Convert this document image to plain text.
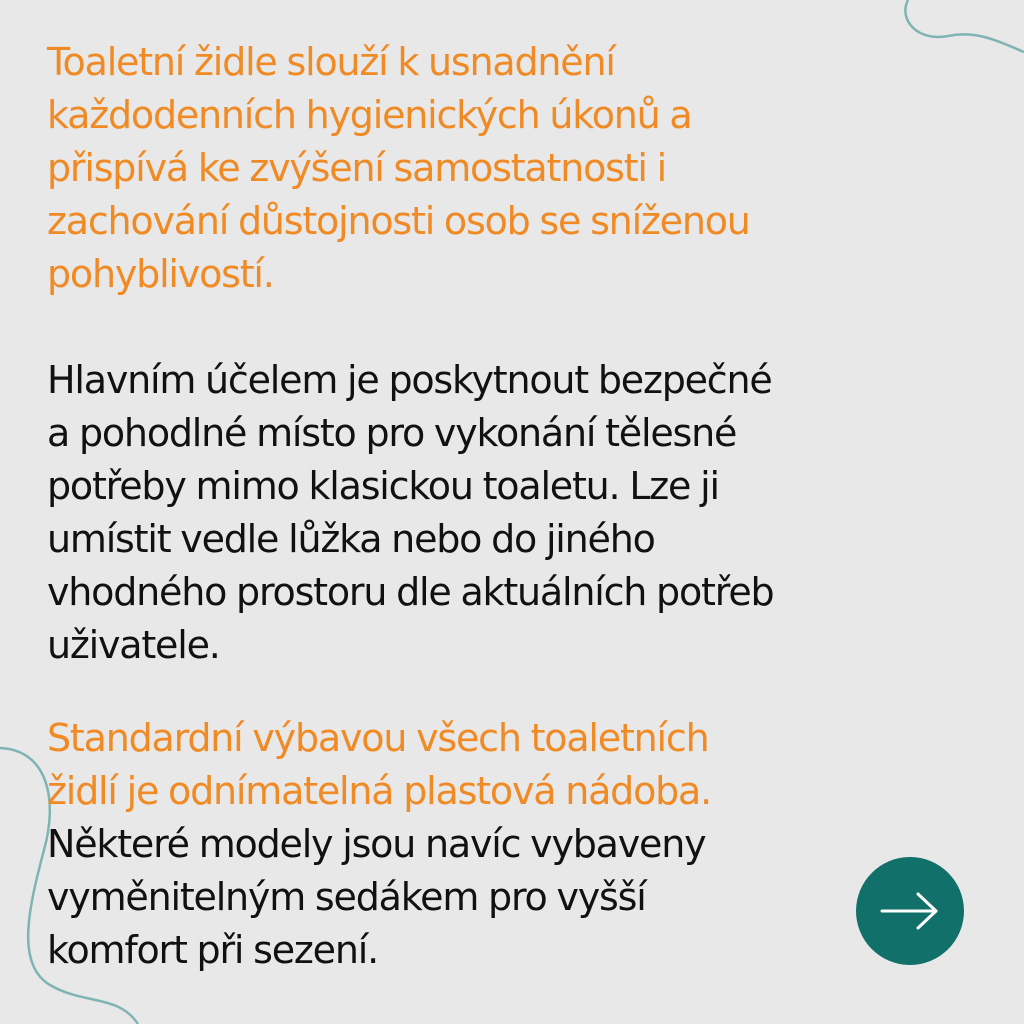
Toaletní židle slouží k usnadnění
každodenních hygienických úkonů a
přispívá ke zvýšení samostatnosti i
zachování důstojnosti osob se sníženou
pohyblivostí.

Hlavním účelem je poskytnout bezpečné
a pohodlné místo pro vykonání tělesné
potřeby mimo klasickou toaletu. Lze ji
umístit vedle lůžka nebo do jiného
vhodného prostoru dle aktuálních potřeb
uživatele.

Standardní výbavou všech toaletních
židlí je odnímatelná plastová nádoba.
Některé modely jsou navíc vybaveny
vyměnitelným sedákem pro vyšší
komfort při sezení.
